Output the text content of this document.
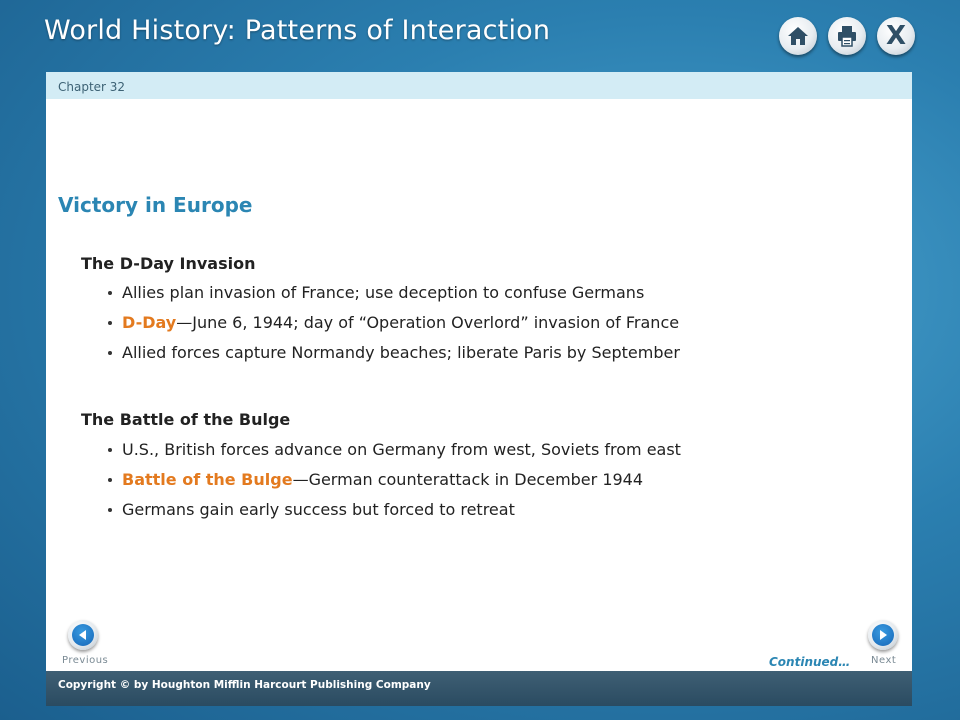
World History: Patterns of Interaction	X
Chapter 32
Victory in Europe
The D-Day Invasion
Allies plan invasion of France; use deception to confuse Germans
D-Day—June 6, 1944; day of “Operation Overlord” invasion of France
Allied forces capture Normandy beaches; liberate Paris by September
The Battle of the Bulge
U.S., British forces advance on Germany from west, Soviets from east
Battle of the Bulge—German counterattack in December 1944
Germans gain early success but forced to retreat
Previous	Continued… Next
Copyright © by Houghton Mifflin Harcourt Publishing Company
